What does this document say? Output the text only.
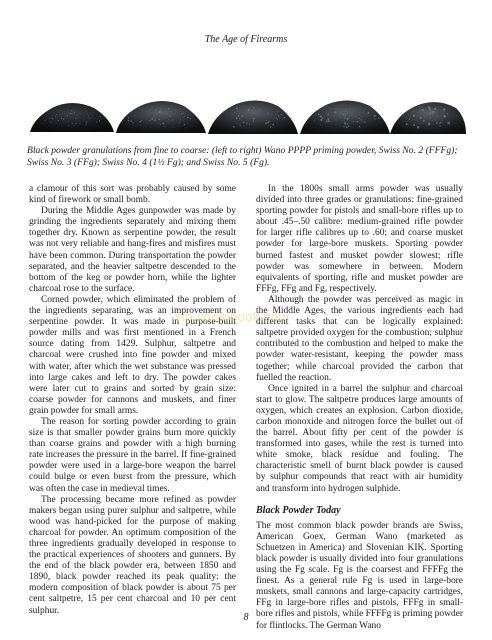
The Age of Firearms
Black powder granulations from fine to coarse: (left to right) Wano PPPP priming powder, Swiss No. 2 (FFFg); Swiss No. 3 (FFg); Swiss No. 4 (1½ Fg); and Swiss No. 5 (Fg).

a clamour of this sort was probably caused by some kind of firework or small bomb.

During the Middle Ages gunpowder was made by grinding the ingredients separately and mixing them together dry. Known as serpentine powder, the result was not very reliable and hang-fires and misfires must have been common. During transportation the powder separated, and the heavier saltpetre descended to the bottom of the keg or powder horn, while the lighter charcoal rose to the surface.

Corned powder, which eliminated the problem of the ingredients separating, was an improvement on serpentine powder. It was made in purpose-built powder mills and was first mentioned in a French source dating from 1429. Sulphur, saltpetre and charcoal were crushed into fine powder and mixed with water, after which the wet substance was pressed into large cakes and left to dry. The powder cakes were later cut to grains and sorted by grain size: coarse powder for cannons and muskets, and finer grain powder for small arms.

The reason for sorting powder according to grain size is that smaller powder grains burn more quickly than coarse grains and powder with a high burning rate increases the pressure in the barrel. If fine-grained powder were used in a large-bore weapon the barrel could bulge or even burst from the pressure, which was often the case in medieval times.

The processing became more refined as powder makers began using purer sulphur and saltpetre, while wood was hand-picked for the purpose of making charcoal for powder. An optimum composition of the three ingredients gradually developed in response to the practical experiences of shooters and gunners. By the end of the black powder era, between 1850 and 1890, black powder reached its peak quality: the modern composition of black powder is about 75 per cent saltpetre, 15 per cent charcoal and 10 per cent sulphur.

In the 1800s small arms powder was usually divided into three grades or granulations: fine-grained sporting powder for pistols and small-bore rifles up to about .45–.50 calibre: medium-grained rifle powder for larger rifle calibres up to .60; and coarse musket powder for large-bore muskets. Sporting powder burned fastest and musket powder slowest; rifle powder was somewhere in between. Modern equivalents of sporting, rifle and musket powder are FFFg, FFg and Fg, respectively.

Although the powder was perceived as magic in the Middle Ages, the various ingredients each had different tasks that can be logically explained: saltpetre provided oxygen for the combustion; sulphur contributed to the combustion and helped to make the powder water-resistant, keeping the powder mass together; while charcoal provided the carbon that fuelled the reaction.

Once ignited in a barrel the sulphur and charcoal start to glow. The saltpetre produces large amounts of oxygen, which creates an explosion. Carbon dioxide, carbon monoxide and nitrogen force the bullet out of the barrel. About fifty per cent of the powder is transformed into gases, while the rest is turned into white smoke, black residue and fouling. The characteristic smell of burnt black powder is caused by sulphur compounds that react with air humidity and transform into hydrogen sulphide.

Black Powder Today

The most common black powder brands are Swiss, American Goex, German Wano (marketed as Schuetzen in America) and Slovenian KIK. Sporting black powder is usually divided into four granulations using the Fg scale. Fg is the coarsest and FFFFg the finest. As a general rule Fg is used in large-bore muskets, small cannons and large-capacity cartridges, FFg in large-bore rifles and pistols, FFFg in small-bore rifles and pistols, while FFFFg is priming powder for flintlocks. The German Wano

vip.coolebook.com
8
